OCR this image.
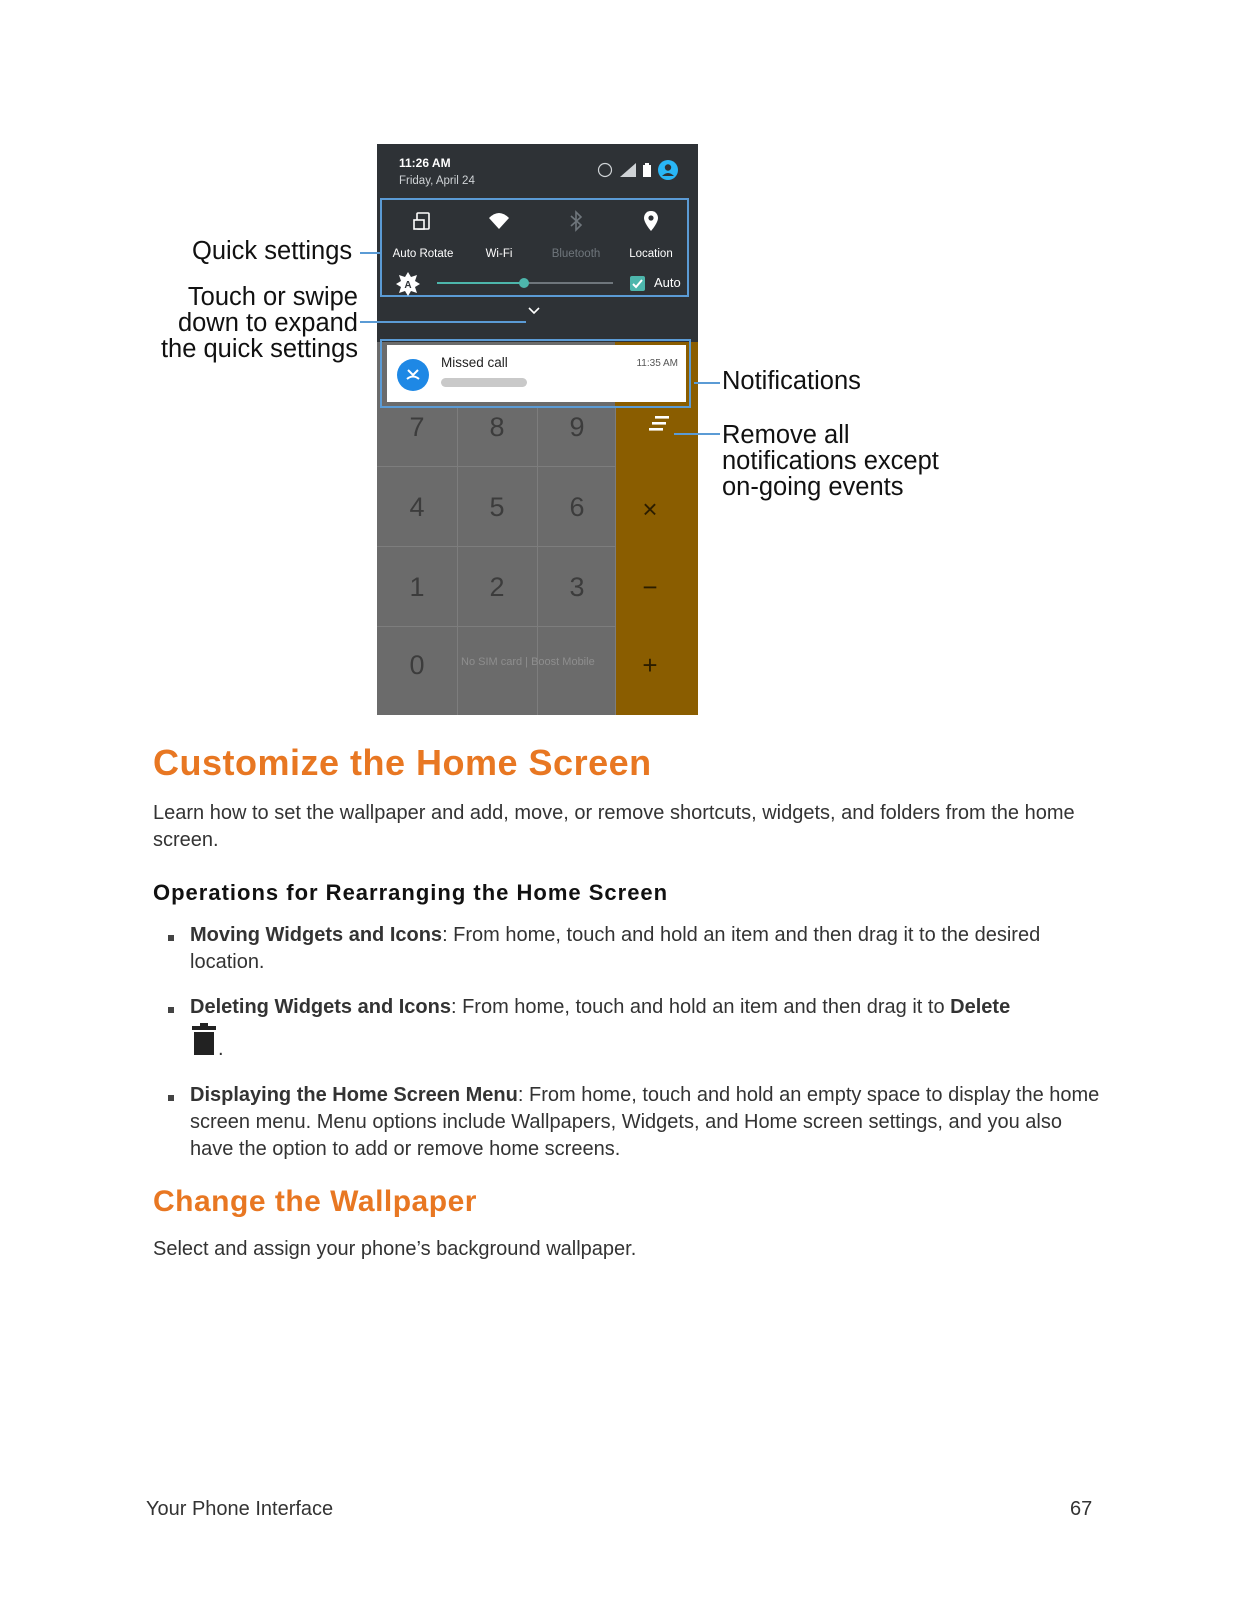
7	8	9
4	5	6
1	2	3
0
×
−
+
No SIM card | Boost Mobile
11:26 AM
Friday, April 24
Auto Rotate	Wi-Fi	Bluetooth	Location
A	Auto
Missed call	11:35 AM
Quick settings
Touch or swipe
down to expand
the quick settings
Notifications
Remove all
notifications except
on-going events
Customize the Home Screen

Learn how to set the wallpaper and add, move, or remove shortcuts, widgets, and folders from the home screen.

Operations for Rearranging the Home Screen

Moving Widgets and Icons: From home, touch and hold an item and then drag it to the desired location.

Deleting Widgets and Icons: From home, touch and hold an item and then drag it to Delete

.

Displaying the Home Screen Menu: From home, touch and hold an empty space to display the home screen menu. Menu options include Wallpapers, Widgets, and Home screen settings, and you also have the option to add or remove home screens.

Change the Wallpaper

Select and assign your phone’s background wallpaper.

Your Phone Interface	67
